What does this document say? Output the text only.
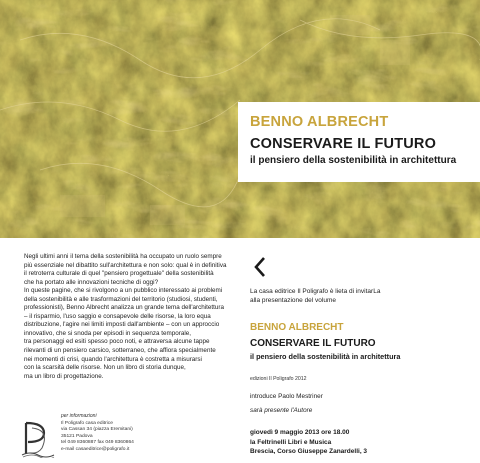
BENNO ALBRECHT
CONSERVARE IL FUTURO
il pensiero della sostenibilità in architettura

Negli ultimi anni il tema della sostenibilità ha occupato un ruolo sempre

più essenziale nel dibattito sull'architettura e non solo: qual è in definitiva

il retroterra culturale di quel "pensiero progettuale" della sostenibilità

che ha portato alle innovazioni tecniche di oggi?

In queste pagine, che si rivolgono a un pubblico interessato ai problemi

della sostenibilità e alle trasformazioni del territorio (studiosi, studenti,

professionisti), Benno Albrecht analizza un grande tema dell'architettura

– il risparmio, l'uso saggio e consapevole delle risorse, la loro equa

distribuzione, l'agire nei limiti imposti dall'ambiente – con un approccio

innovativo, che si snoda per episodi in sequenza temporale,

tra personaggi ed esiti spesso poco noti, e attraversa alcune tappe

rilevanti di un pensiero carsico, sotterraneo, che affiora specialmente

nei momenti di crisi, quando l'architettura è costretta a misurarsi

con la scarsità delle risorse. Non un libro di storia dunque,

ma un libro di progettazione.

per informazioni
Il Poligrafo casa editrice
via Cassan 34 (piazza Eremitani)
35121 Padova
tel 049 8360887 fax 049 8360864
e-mail casaeditrice@poligrafo.it
La casa editrice Il Poligrafo è lieta di invitarLa
alla presentazione del volume
BENNO ALBRECHT
CONSERVARE IL FUTURO
il pensiero della sostenibilità in architettura
edizioni Il Poligrafo 2012
introduce Paolo Mestriner
sarà presente l'Autore
giovedì 9 maggio 2013 ore 18.00
la Feltrinelli Libri e Musica
Brescia, Corso Giuseppe Zanardelli, 3
